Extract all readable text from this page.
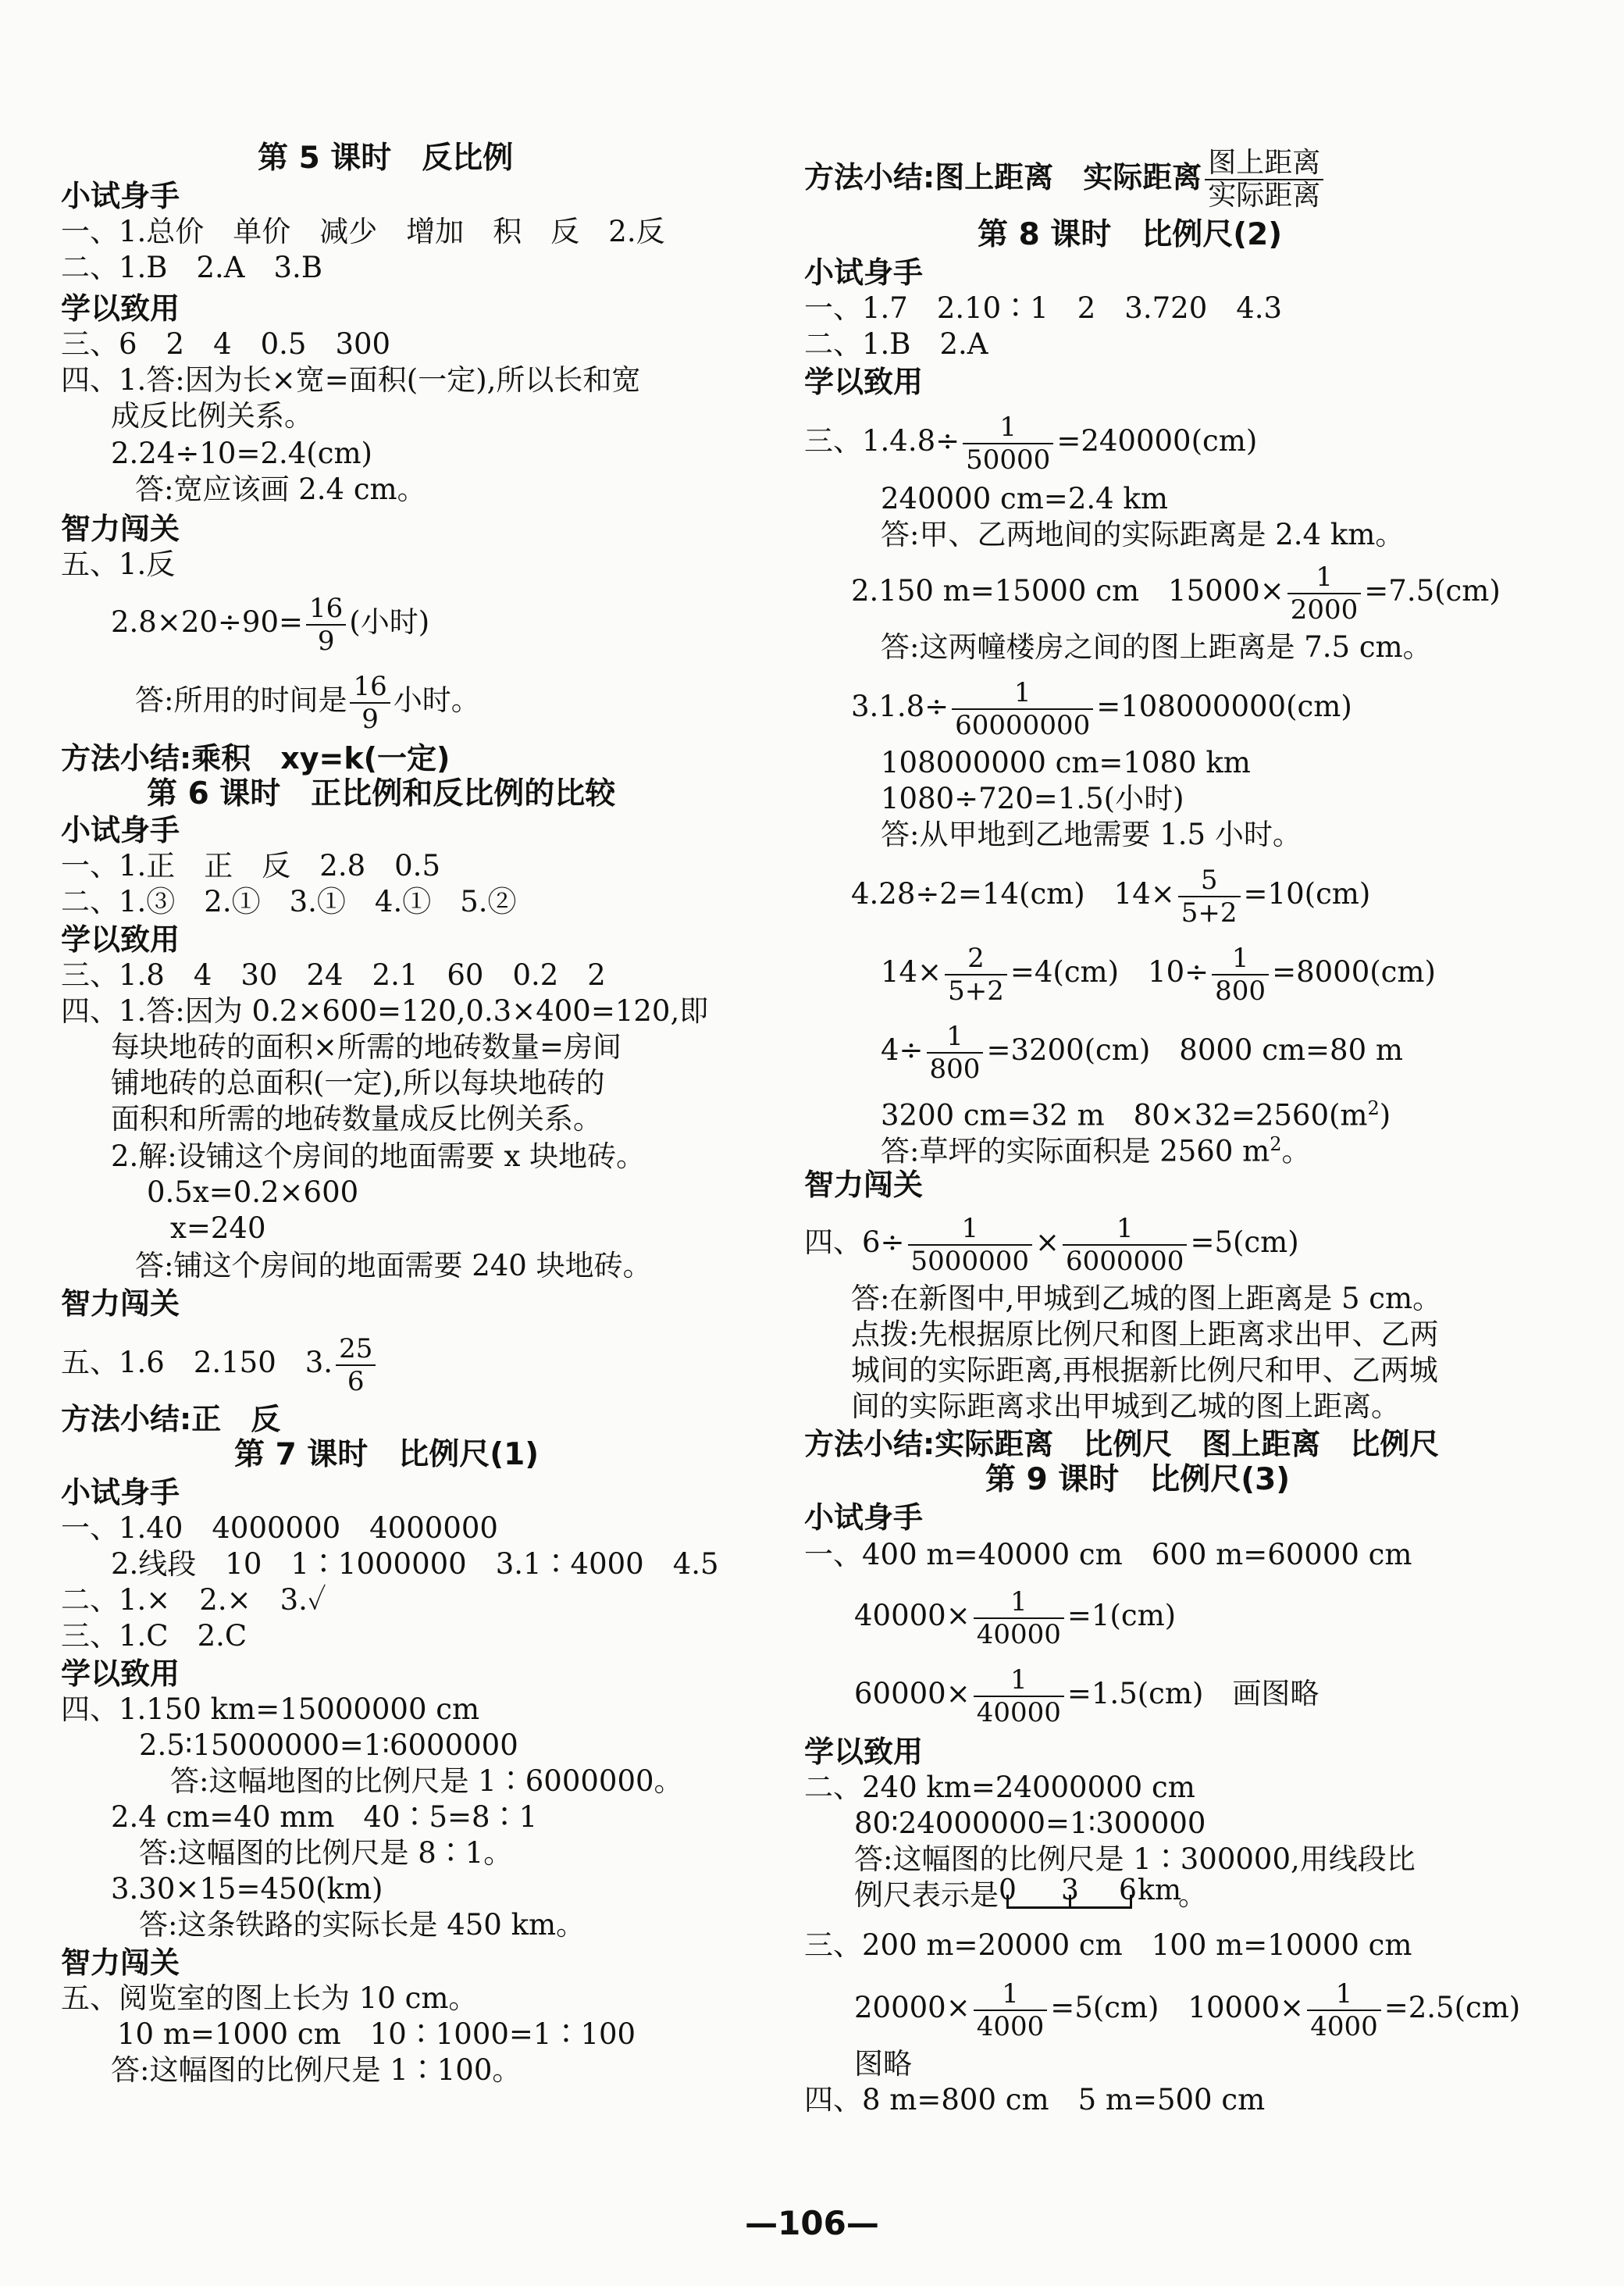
第 5 课时　反比例
小试身手
一、1.总价　单价　减少　增加　积　反　2.反
二、1.B　2.A　3.B
学以致用
三、6　2　4　0.5　300
四、1.答:因为长×宽=面积(一定),所以长和宽
成反比例关系。
2.24÷10=2.4(cm)
答:宽应该画 2.4 cm。
智力闯关
五、1.反
$2.8\times 20\div 90= \frac{16}{9}$ (小时)
答:所用的时间是 $\frac{16}{9}$ 小时。
方法小结:乘积　xy=k(一定)
第 6 课时　正比例和反比例的比较
小试身手
一、1.正　正　反　2.8　0.5
二、1.③　2.①　3.①　4.①　5.②
学以致用
三、1.8　4　30　24　2.1　60　0.2　2
四、1.答:因为 0.2×600=120,0.3×400=120,即
每块地砖的面积×所需的地砖数量=房间
铺地砖的总面积(一定),所以每块地砖的
面积和所需的地砖数量成反比例关系。
2.解:设铺这个房间的地面需要 x 块地砖。
0.5x=0.2×600
x=240
答:铺这个房间的地面需要 240 块地砖。
智力闯关
五、1.6　2.150　3. $\frac{25}{6}$
方法小结:正　反
第 7 课时　比例尺(1)
小试身手
一、1.40　4000000　4000000
2.线段　10　1∶1000000　3.1∶4000　4.5
二、1.×　2.×　3.✓
三、1.C　2.C
学以致用
四、1.150 km=15000000 cm
2.5∶15000000=1∶6000000
答:这幅地图的比例尺是 1∶6000000。
2.4 cm=40 mm　40∶5=8∶1
答:这幅图的比例尺是 8∶1。
3.30×15=450(km)
答:这条铁路的实际长是 450 km。
智力闯关
五、阅览室的图上长为 10 cm。
10 m=1000 cm　10∶1000=1∶100
答:这幅图的比例尺是 1∶100。
方法小结:图上距离　实际距离 $\frac{\text{图上距离}}{\text{实际距离}}$
第 8 课时　比例尺(2)
小试身手
一、1.7　2.10∶1　2　3.720　4.3
二、1.B　2.A
学以致用
三、$1.4.8\div \frac{1}{50000} =240000(cm)$
240000 cm=2.4 km
答:甲、乙两地间的实际距离是 2.4 km。
2.150 m=15000 cm　$15000\times \frac{1}{2000} =7.5(cm)$
答:这两幢楼房之间的图上距离是 7.5 cm。
$3.1.8\div \frac{1}{60000000} =108000000(cm)$
108000000 cm=1080 km
1080÷720=1.5(小时)
答:从甲地到乙地需要 1.5 小时。
4.28÷2=14(cm)　$14\times \frac{5}{5+2} =10(cm)$
$14\times \frac{2}{5+2} =4(cm)$　$10\div \frac{1}{800} =8000(cm)$
$4\div \frac{1}{800} =3200(cm)$　8000 cm=80 m
3200 cm=32 m　$80\times 32=2560(m^2)$
答:草坪的实际面积是 2560 $m^2$。
智力闯关
四、$6\div \frac{1}{5000000} \times \frac{1}{6000000} =5(cm)$
答:在新图中,甲城到乙城的图上距离是 5 cm。
点拨:先根据原比例尺和图上距离求出甲、乙两
城间的实际距离,再根据新比例尺和甲、乙两城
间的实际距离求出甲城到乙城的图上距离。
方法小结:实际距离　比例尺　图上距离　比例尺
第 9 课时　比例尺(3)
小试身手
一、400 m=40000 cm　600 m=60000 cm
$40000\times \frac{1}{40000} =1(cm)$
$60000\times \frac{1}{40000} =1.5(cm)$　画图略
学以致用
二、240 km=24000000 cm
80∶24000000=1∶300000
答:这幅图的比例尺是 1∶300000,用线段比
例尺表示是 0 3 6 km
。
三、200 m=20000 cm　100 m=10000 cm
$20000\times \frac{1}{4000} =5(cm)$　$10000\times \frac{1}{4000} =2.5(cm)$
图略
四、8 m=800 cm　5 m=500 cm
—106—
